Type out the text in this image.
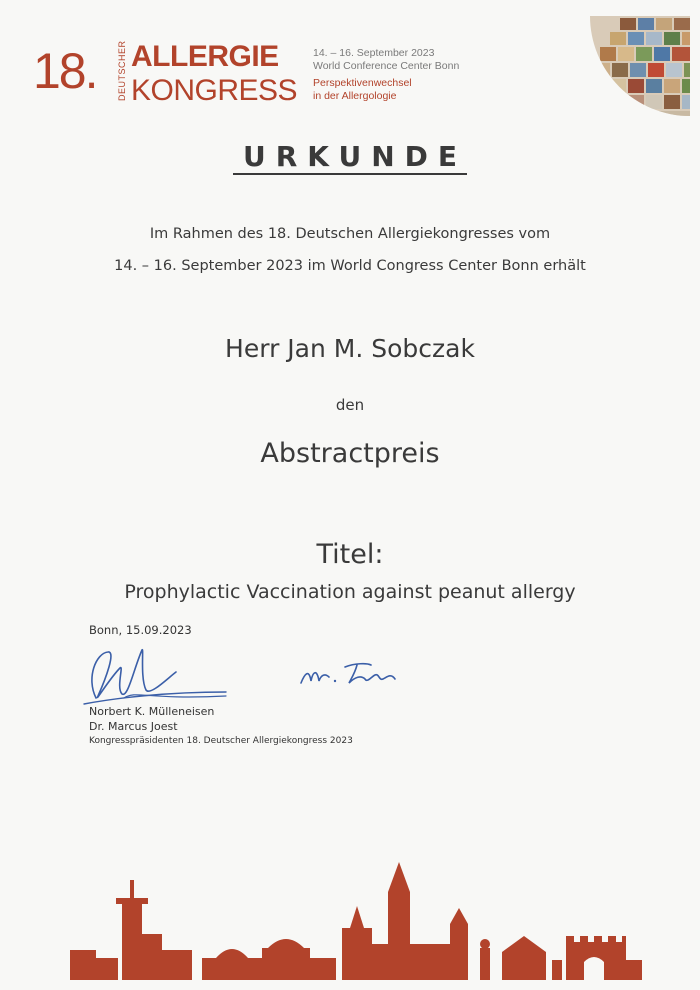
18. DEUTSCHER ALLERGIE
KONGRESS
14. – 16. September 2023
World Conference Center Bonn
Perspektivenwechsel
in der Allergologie
URKUNDE
Im Rahmen des 18. Deutschen Allergiekongresses vom
14. – 16. September 2023 im World Congress Center Bonn erhält
Herr Jan M. Sobczak
den
Abstractpreis
Titel:
Prophylactic Vaccination against peanut allergy
Bonn, 15.09.2023
Norbert K. Mülleneisen
Dr. Marcus Joest
Kongresspräsidenten 18. Deutscher Allergiekongress 2023
